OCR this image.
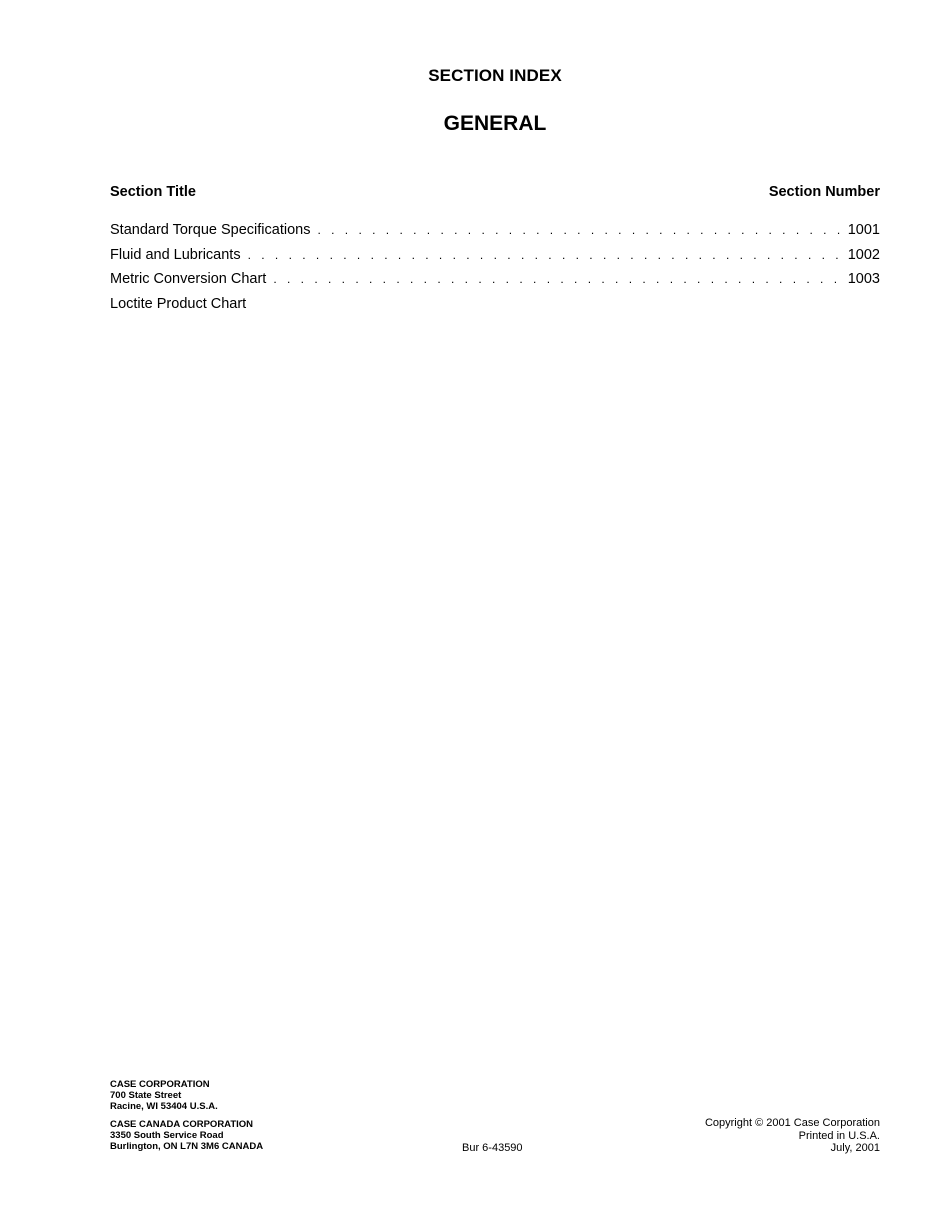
SECTION INDEX
GENERAL
Section Title	Section Number
Standard Torque Specifications . . .	1001
Fluid and Lubricants . . .	1002
Metric Conversion Chart . . .	1003
Loctite Product Chart
CASE CORPORATION
700 State Street
Racine, WI 53404 U.S.A.
CASE CANADA CORPORATION
3350 South Service Road
Burlington, ON L7N 3M6 CANADA	Bur 6-43590
Copyright © 2001 Case Corporation
Printed in U.S.A.
July, 2001
